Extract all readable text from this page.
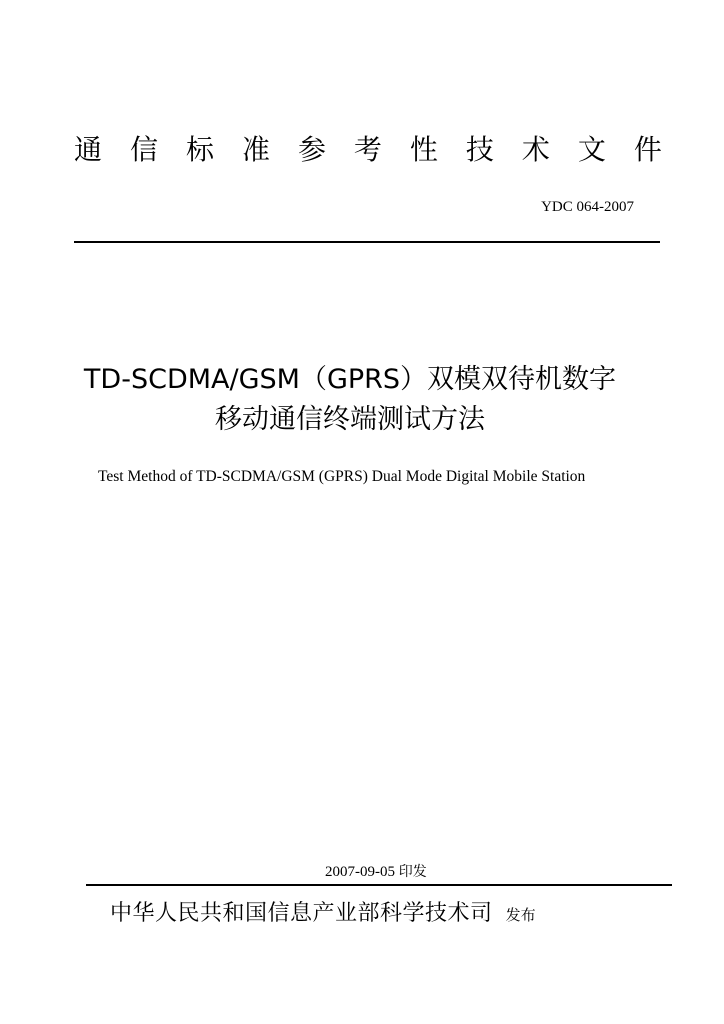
通 信 标 准 参 考 性 技 术 文 件
YDC 064-2007
TD-SCDMA/GSM（GPRS）双模双待机数字
移动通信终端测试方法
Test Method of TD-SCDMA/GSM (GPRS) Dual Mode Digital Mobile Station
2007-09-05 印发
中华人民共和国信息产业部科学技术司 发布
